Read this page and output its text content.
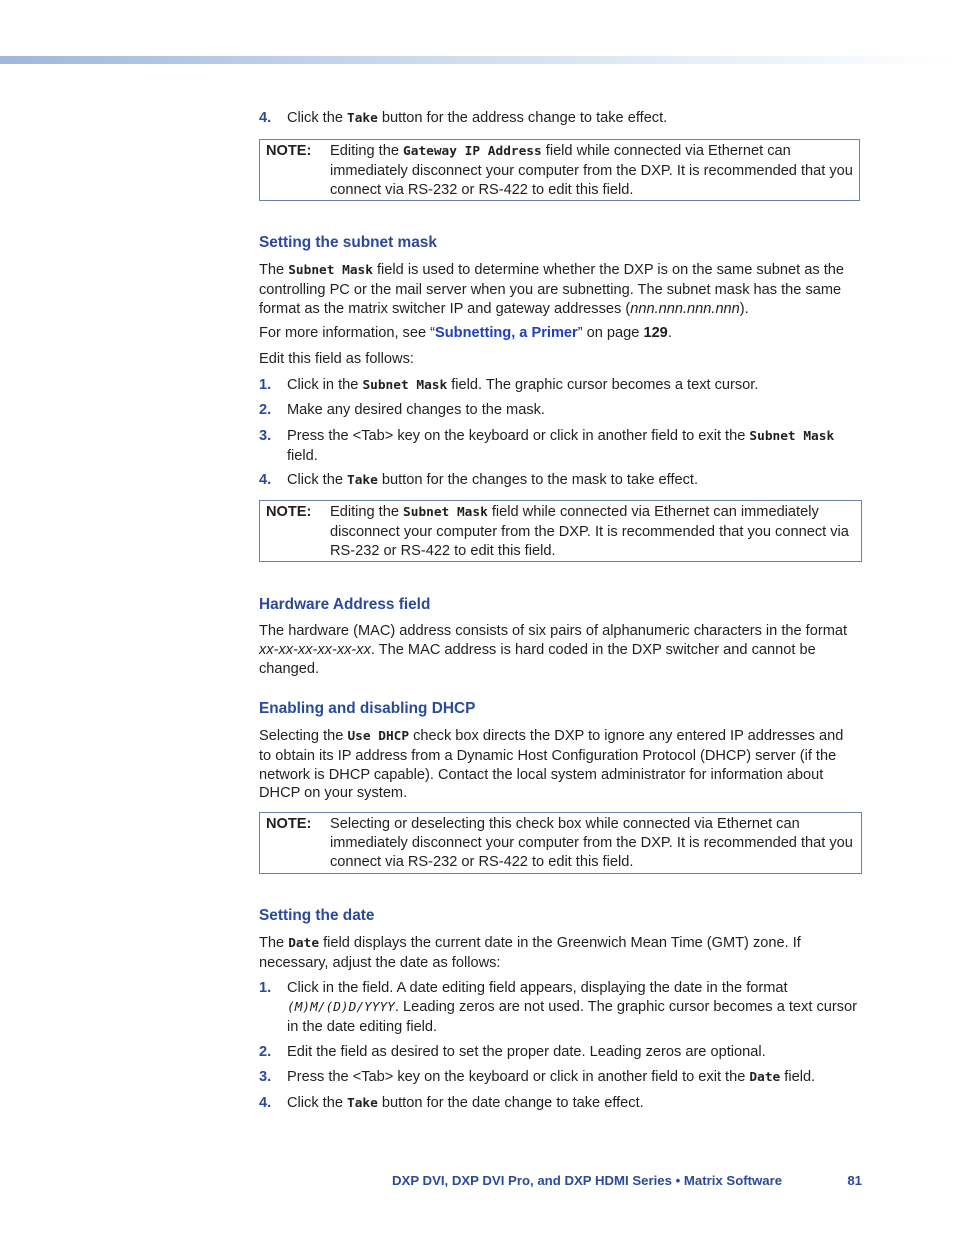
4. Click the Take button for the address change to take effect.

NOTE: Editing the Gateway IP Address field while connected via Ethernet can immediately disconnect your computer from the DXP. It is recommended that you connect via RS-232 or RS-422 to edit this field.

Setting the subnet mask

The Subnet Mask field is used to determine whether the DXP is on the same subnet as the controlling PC or the mail server when you are subnetting. The subnet mask has the same format as the matrix switcher IP and gateway addresses (nnn.nnn.nnn.nnn).

For more information, see “Subnetting, a Primer” on page 129.

Edit this field as follows:

1. Click in the Subnet Mask field. The graphic cursor becomes a text cursor.

2. Make any desired changes to the mask.

3. Press the <Tab> key on the keyboard or click in another field to exit the Subnet Mask field.

4. Click the Take button for the changes to the mask to take effect.

NOTE: Editing the Subnet Mask field while connected via Ethernet can immediately disconnect your computer from the DXP. It is recommended that you connect via RS-232 or RS-422 to edit this field.

Hardware Address field

The hardware (MAC) address consists of six pairs of alphanumeric characters in the format xx-xx-xx-xx-xx-xx. The MAC address is hard coded in the DXP switcher and cannot be changed.

Enabling and disabling DHCP

Selecting the Use DHCP check box directs the DXP to ignore any entered IP addresses and to obtain its IP address from a Dynamic Host Configuration Protocol (DHCP) server (if the network is DHCP capable). Contact the local system administrator for information about DHCP on your system.

NOTE: Selecting or deselecting this check box while connected via Ethernet can immediately disconnect your computer from the DXP. It is recommended that you connect via RS-232 or RS-422 to edit this field.

Setting the date

The Date field displays the current date in the Greenwich Mean Time (GMT) zone. If necessary, adjust the date as follows:

1. Click in the field. A date editing field appears, displaying the date in the format (M)M/(D)D/YYYY. Leading zeros are not used. The graphic cursor becomes a text cursor in the date editing field.

2. Edit the field as desired to set the proper date. Leading zeros are optional.

3. Press the <Tab> key on the keyboard or click in another field to exit the Date field.

4. Click the Take button for the date change to take effect.

DXP DVI, DXP DVI Pro, and DXP HDMI Series • Matrix Software	81
